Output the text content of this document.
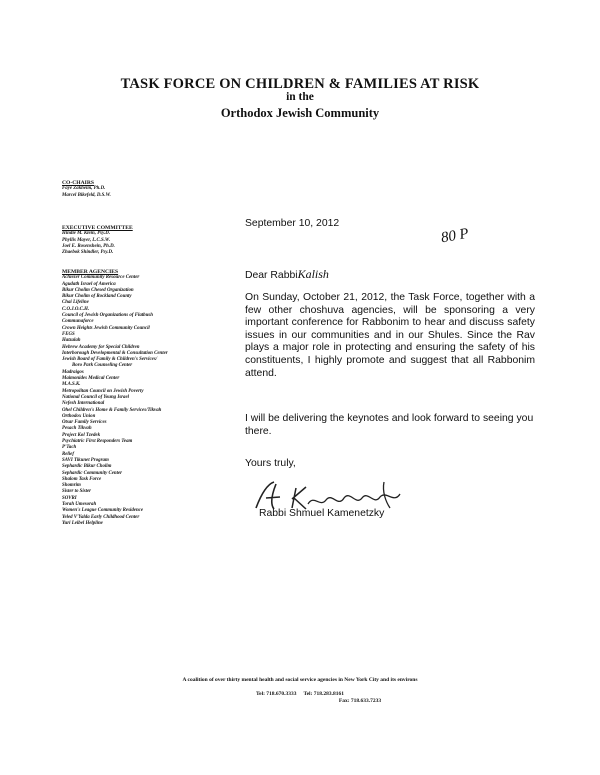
TASK FORCE ON CHILDREN & FAMILIES AT RISK
in the
Orthodox Jewish Community
CO-CHAIRS
Faye Zakheim, Ph.D.
Marcel Bikefeld, D.S.W.
EXECUTIVE COMMITTEE
Hindie M. Klein, Psy.D.
Phyllis Mayer, L.C.S.W.
Joel E. Rosenshein, Ph.D.
Zhaebok Shindler, Psy.D.
MEMBER AGENCIES
Achiezer Community Resource Center
Agudath Israel of America
Bikur Cholim Chesed Organization
Bikur Cholim of Rockland County
Chai Lifeline
C.O.J.O.C.H.
Council of Jewish Organizations of Flatbush
Communaforce
Crown Heights Jewish Community Council
FEGS
Hatzalah
Hebrew Academy for Special Children
Interborough Developmental & Consultation Center
Jewish Board of Family & Children's Services/
Boro Park Counseling Center
Madraigos
Maimonides Medical Center
M.A.S.K.
Metropolitan Council on Jewish Poverty
National Council of Young Israel
Nefesh International
Ohel Children's Home & Family Services/Tikvah
Orthodox Union
Otsar Family Services
Pesach Tikvah
Project Kol Tzedek
Psychiatric First Responders Team
P'Tach
Relief
SAVI Tikunet Program
Sephardic Bikur Cholim
Sephardic Community Center
Shalom Task Force
Shomrim
Sister to Sister
SOVRI
Torah Umesorah
Women's League Community Residence
Yeled V'Yalda Early Childhood Center
Yuri Leibel Helpline
September 10, 2012
80 P
Dear RabbiKalish
On Sunday, October 21, 2012, the Task Force, together with a few other choshuva agencies, will be sponsoring a very important conference for Rabbonim to hear and discuss safety issues in our communities and in our Shules. Since the Rav plays a major role in protecting and ensuring the safety of his constituents, I highly promote and suggest that all Rabbonim attend.
I will be delivering the keynotes and look forward to seeing you there.
Yours truly,
Rabbi Shmuel Kamenetzky
A coalition of over thirty mental health and social service agencies in New York City and its environs
Tel: 718.670.3333 Tel: 718.283.8161
Fax: 718.633.7233
